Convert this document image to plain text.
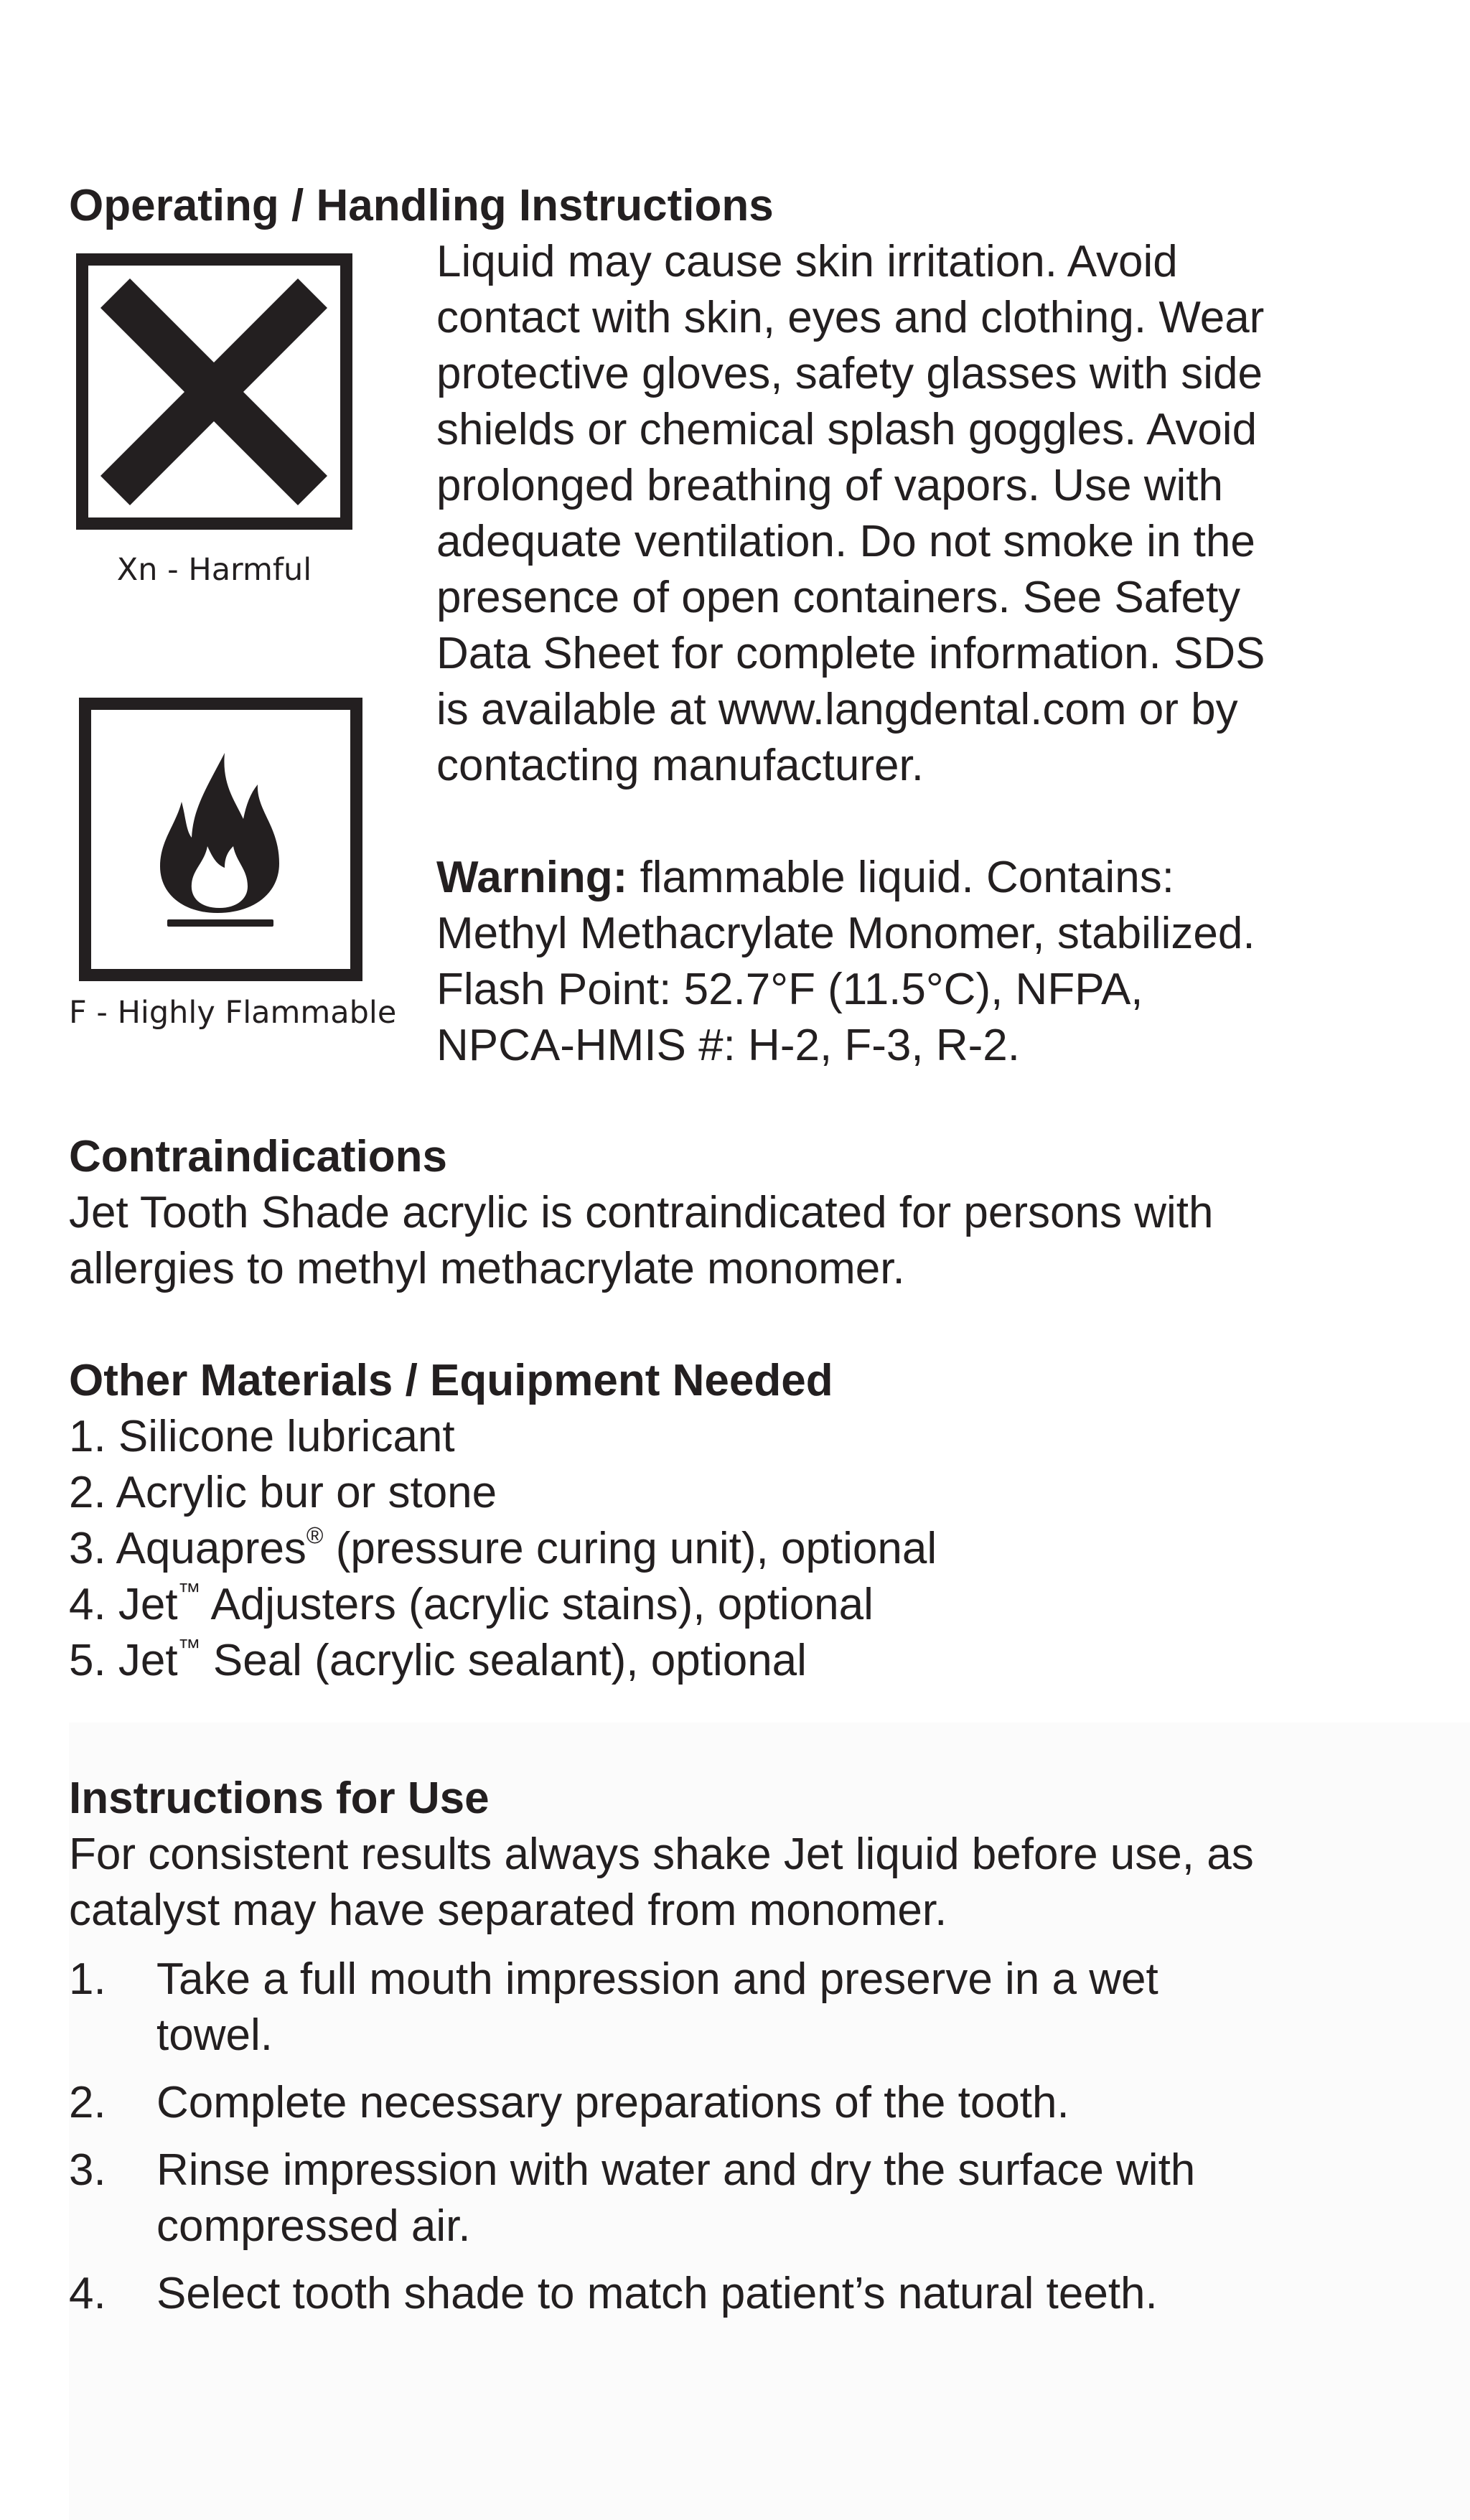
Operating / Handling Instructions
Xn - Harmful
F - Highly Flammable
Liquid may cause skin irritation. Avoid
contact with skin, eyes and clothing. Wear
protective gloves, safety glasses with side
shields or chemical splash goggles. Avoid
prolonged breathing of vapors. Use with
adequate ventilation. Do not smoke in the
presence of open containers. See Safety
Data Sheet for complete information. SDS
is available at www.langdental.com or by
contacting manufacturer.
Warning: flammable liquid. Contains:
Methyl Methacrylate Monomer, stabilized.
Flash Point: 52.7°F (11.5°C), NFPA,
NPCA-HMIS #: H-2, F-3, R-2.
Contraindications
Jet Tooth Shade acrylic is contraindicated for persons with
allergies to methyl methacrylate monomer.
Other Materials / Equipment Needed
1. Silicone lubricant
2. Acrylic bur or stone
3. Aquapres® (pressure curing unit), optional
4. Jet™ Adjusters (acrylic stains), optional
5. Jet™ Seal (acrylic sealant), optional
Instructions for Use
For consistent results always shake Jet liquid before use, as
catalyst may have separated from monomer.
1. Take a full mouth impression and preserve in a wet
towel.
2. Complete necessary preparations of the tooth.
3. Rinse impression with water and dry the surface with
compressed air.
4. Select tooth shade to match patient’s natural teeth.
